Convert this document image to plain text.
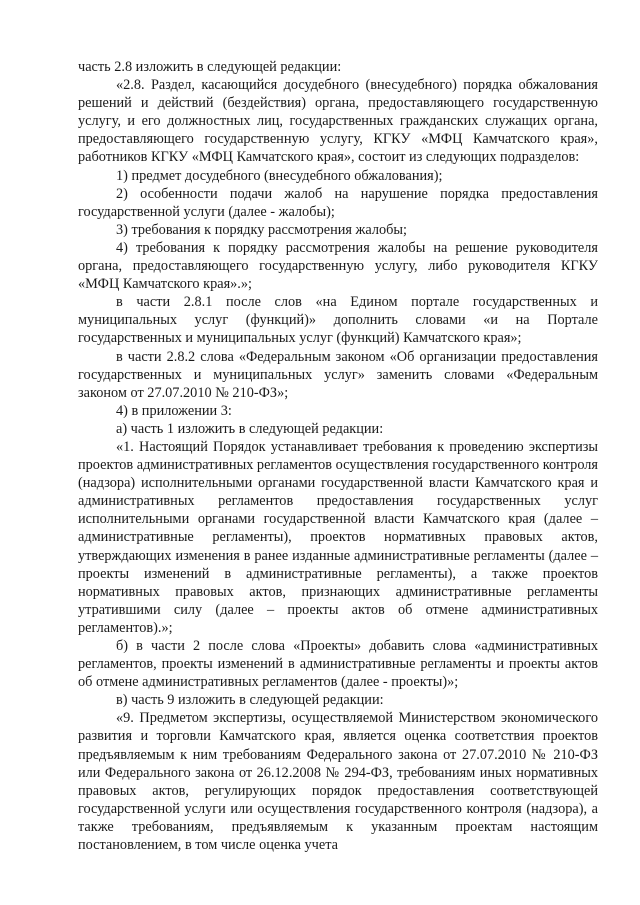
часть 2.8 изложить в следующей редакции:

«2.8. Раздел, касающийся досудебного (внесудебного) порядка обжалования решений и действий (бездействия) органа, предоставляющего государственную услугу, и его должностных лиц, государственных гражданских служащих органа, предоставляющего государственную услугу, КГКУ «МФЦ Камчатского края», работников КГКУ «МФЦ Камчатского края», состоит из следующих подразделов:

1) предмет досудебного (внесудебного обжалования);

2) особенности подачи жалоб на нарушение порядка предоставления государственной услуги (далее - жалобы);

3) требования к порядку рассмотрения жалобы;

4) требования к порядку рассмотрения жалобы на решение руководителя органа, предоставляющего государственную услугу, либо руководителя КГКУ «МФЦ Камчатского края».»;

в части 2.8.1 после слов «на Едином портале государственных и муниципальных услуг (функций)» дополнить словами «и на Портале государственных и муниципальных услуг (функций) Камчатского края»;

в части 2.8.2 слова «Федеральным законом «Об организации предоставления государственных и муниципальных услуг» заменить словами «Федеральным законом от 27.07.2010 № 210-ФЗ»;

4) в приложении 3:

а) часть 1 изложить в следующей редакции:

«1. Настоящий Порядок устанавливает требования к проведению экспертизы проектов административных регламентов осуществления государственного контроля (надзора) исполнительными органами государственной власти Камчатского края и административных регламентов предоставления государственных услуг исполнительными органами государственной власти Камчатского края (далее – административные регламенты), проектов нормативных правовых актов, утверждающих изменения в ранее изданные административные регламенты (далее – проекты изменений в административные регламенты), а также проектов нормативных правовых актов, признающих административные регламенты утратившими силу (далее – проекты актов об отмене административных регламентов).»;

б) в части 2 после слова «Проекты» добавить слова «административных регламентов, проекты изменений в административные регламенты и проекты актов об отмене административных регламентов (далее - проекты)»;

в) часть 9 изложить в следующей редакции:

«9. Предметом экспертизы, осуществляемой Министерством экономического развития и торговли Камчатского края, является оценка соответствия проектов предъявляемым к ним требованиям Федерального закона от 27.07.2010 № 210-ФЗ или Федерального закона от 26.12.2008 № 294-ФЗ, требованиям иных нормативных правовых актов, регулирующих порядок предоставления соответствующей государственной услуги или осуществления государственного контроля (надзора), а также требованиям, предъявляемым к указанным проектам настоящим постановлением, в том числе оценка учета
